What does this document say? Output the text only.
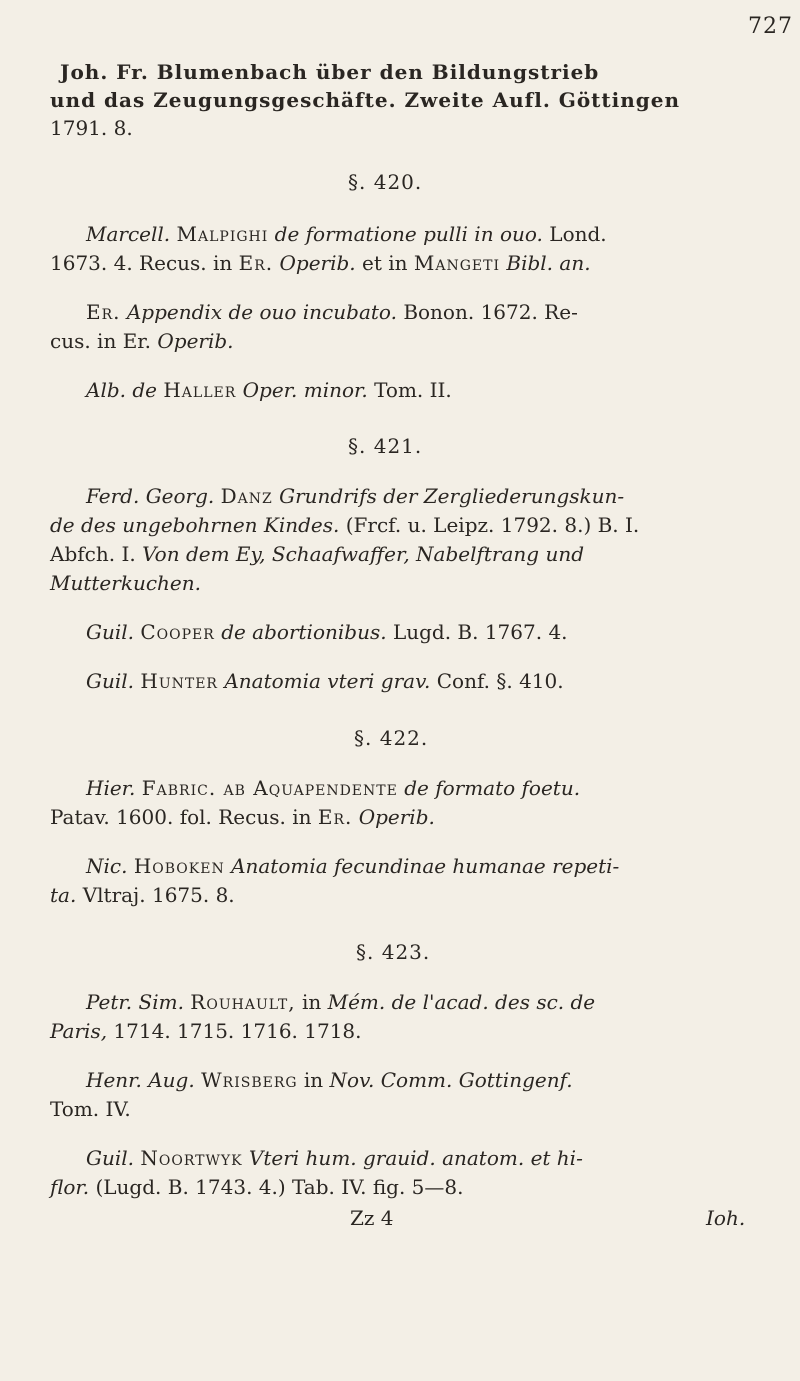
727
Joh. Fr. Blumenbach über den Bildungstrieb
und das Zeugungsgeschäfte. Zweite Aufl. Göttingen
1791. 8.
§. 420.
Marcell. Malpighi de formatione pulli in ouo. Lond.
1673. 4. Recus. in Er. Operib. et in Mangeti Bibl. an.
Er. Appendix de ouo incubato. Bonon. 1672. Re-
cus. in Er. Operib.
Alb. de Haller Oper. minor. Tom. II.
§. 421.
Ferd. Georg. Danz Grundrifs der Zergliederungskun-
de des ungebohrnen Kindes. (Frcf. u. Leipz. 1792. 8.) B. I.
Abfch. I. Von dem Ey, Schaafwaffer, Nabelftrang und
Mutterkuchen.
Guil. Cooper de abortionibus. Lugd. B. 1767. 4.
Guil. Hunter Anatomia vteri grav. Conf. §. 410.
§. 422.
Hier. Fabric. ab Aquapendente de formato foetu.
Patav. 1600. fol. Recus. in Er. Operib.
Nic. Hoboken Anatomia fecundinae humanae repeti-
ta. Vltraj. 1675. 8.
§. 423.
Petr. Sim. Rouhault, in Mém. de l'acad. des sc. de
Paris, 1714. 1715. 1716. 1718.
Henr. Aug. Wrisberg in Nov. Comm. Gottingenf.
Tom. IV.
Guil. Noortwyk Vteri hum. grauid. anatom. et hi-
flor. (Lugd. B. 1743. 4.) Tab. IV. fig. 5—8.
Zz 4	Ioh.
